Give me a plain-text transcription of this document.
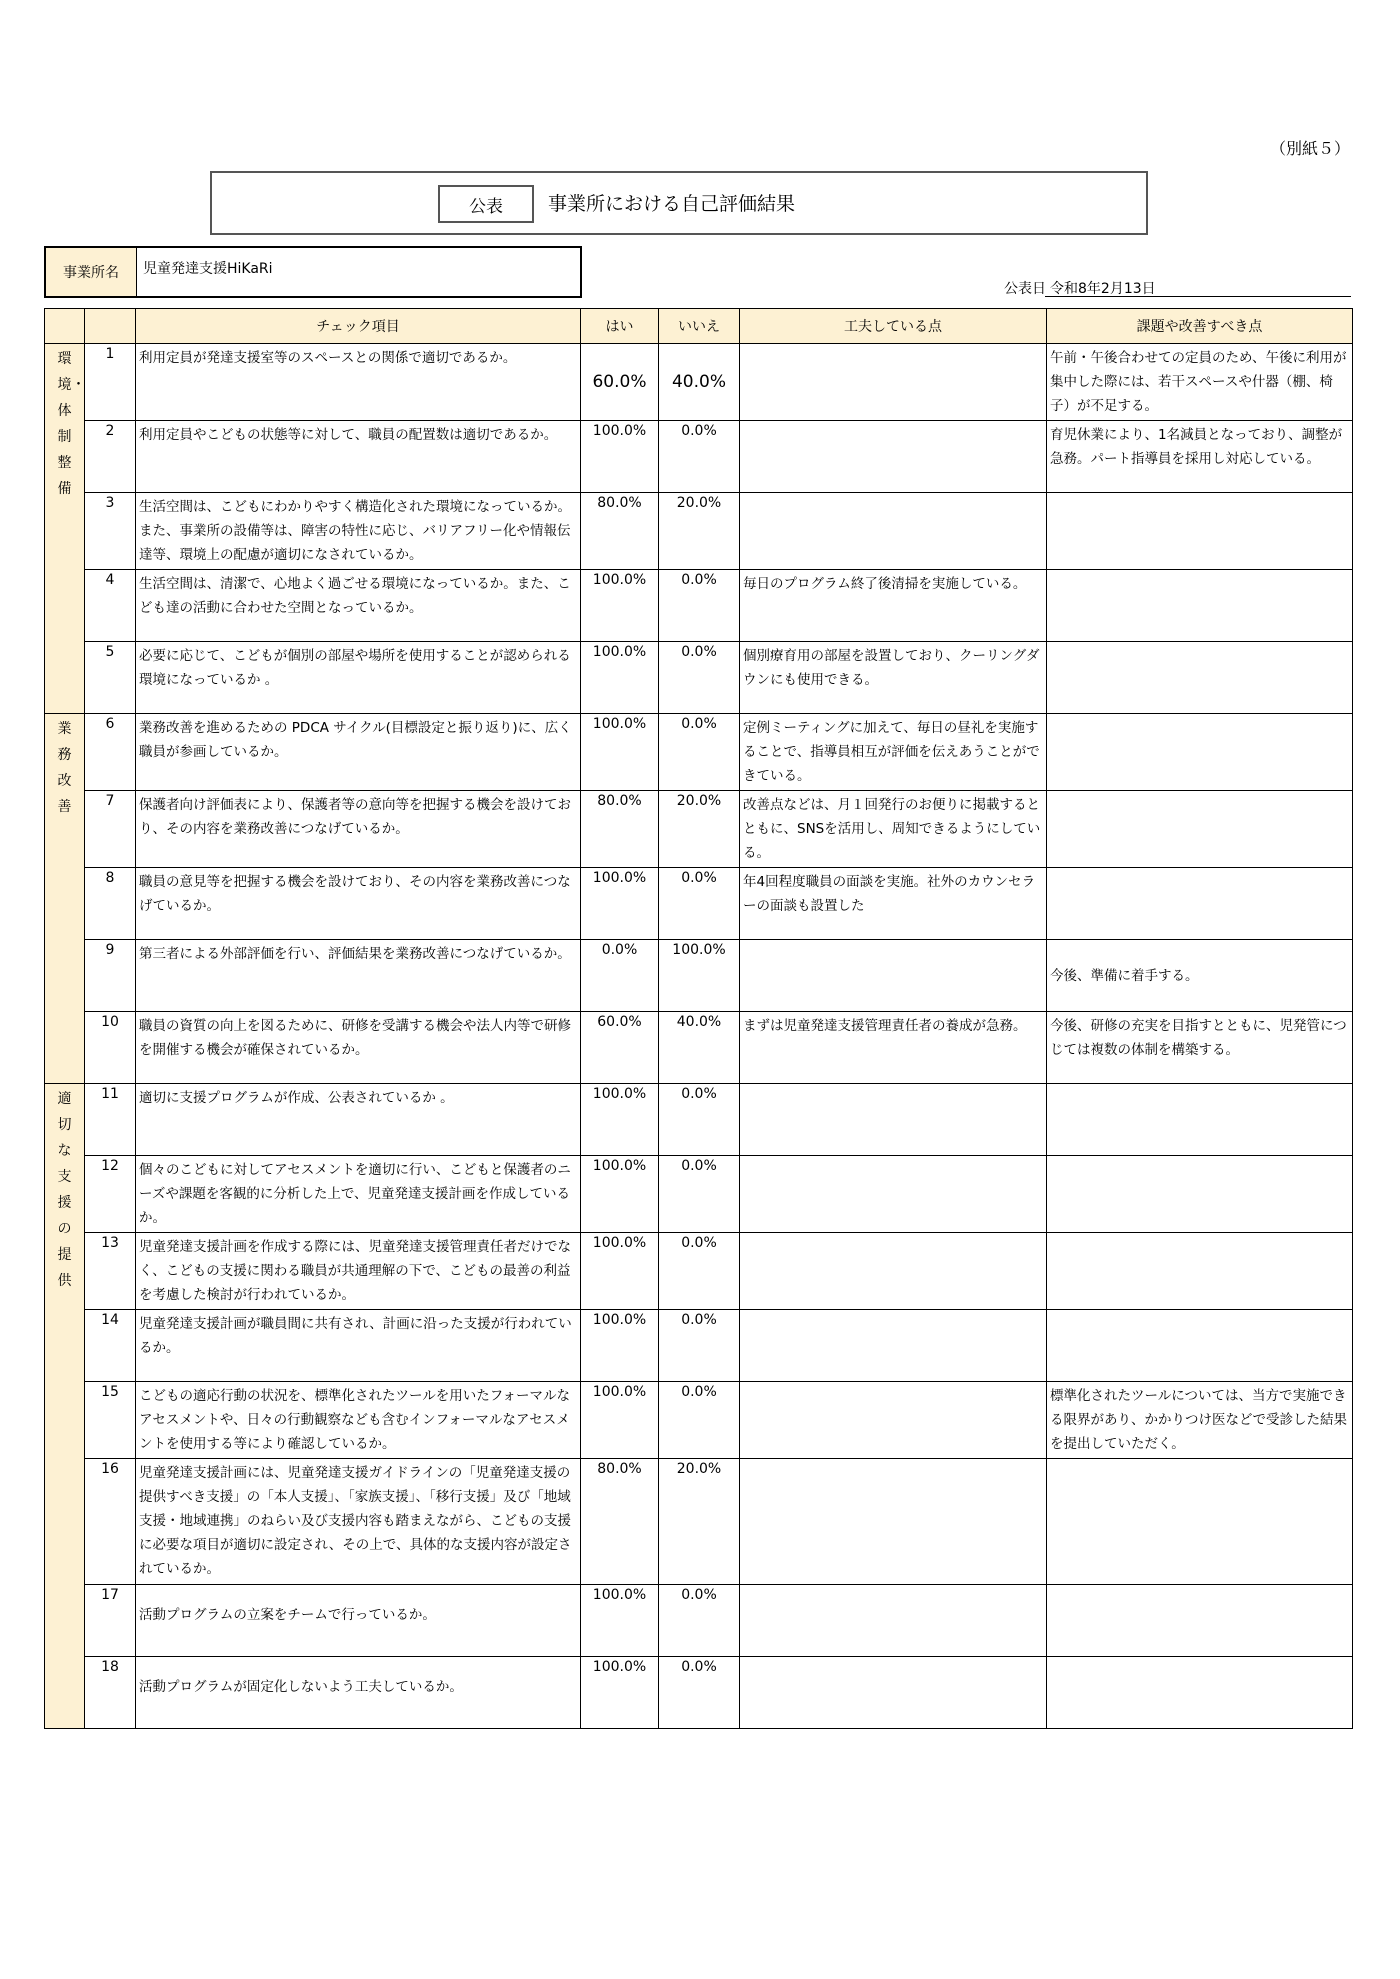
（別紙５）
公表	事業所における自己評価結果
事業所名	児童発達支援HiKaRi
公表日 令和8年2月13日
		チェック項目	はい	いいえ	工夫している点	課題や改善すべき点

環境・体制整備	1	利用定員が発達支援室等のスペースとの関係で適切であるか。	60.0%	40.0%		午前・午後合わせての定員のため、午後に利用が集中した際には、若干スペースや什器（棚、椅子）が不足する。
	2	利用定員やこどもの状態等に対して、職員の配置数は適切であるか。	100.0%	0.0%		育児休業により、1名減員となっており、調整が急務。パート指導員を採用し対応している。
	3	生活空間は、こどもにわかりやすく構造化された環境になっているか。また、事業所の設備等は、障害の特性に応じ、バリアフリー化や情報伝達等、環境上の配慮が適切になされているか。	80.0%	20.0%		
	4	生活空間は、清潔で、心地よく過ごせる環境になっているか。また、こども達の活動に合わせた空間となっているか。	100.0%	0.0%	毎日のプログラム終了後清掃を実施している。	
	5	必要に応じて、こどもが個別の部屋や場所を使用することが認められる環境になっているか 。	100.0%	0.0%	個別療育用の部屋を設置しており、クーリングダウンにも使用できる。	

業務改善	6	業務改善を進めるための PDCA サイクル(目標設定と振り返り)に、広く職員が参画しているか。	100.0%	0.0%	定例ミーティングに加えて、毎日の昼礼を実施することで、指導員相互が評価を伝えあうことができている。	
	7	保護者向け評価表により、保護者等の意向等を把握する機会を設けており、その内容を業務改善につなげているか。	80.0%	20.0%	改善点などは、月１回発行のお便りに掲載するとともに、SNSを活用し、周知できるようにしている。	
	8	職員の意見等を把握する機会を設けており、その内容を業務改善につなげているか。	100.0%	0.0%	年4回程度職員の面談を実施。社外のカウンセラーの面談も設置した	
	9	第三者による外部評価を行い、評価結果を業務改善につなげているか。	0.0%	100.0%		今後、準備に着手する。
	10	職員の資質の向上を図るために、研修を受講する機会や法人内等で研修を開催する機会が確保されているか。	60.0%	40.0%	まずは児童発達支援管理責任者の養成が急務。	今後、研修の充実を目指すとともに、児発管につじては複数の体制を構築する。

適切な支援の提供	11	適切に支援プログラムが作成、公表されているか 。	100.0%	0.0%		
	12	個々のこどもに対してアセスメントを適切に行い、こどもと保護者のニーズや課題を客観的に分析した上で、児童発達支援計画を作成しているか。	100.0%	0.0%		
	13	児童発達支援計画を作成する際には、児童発達支援管理責任者だけでなく、こどもの支援に関わる職員が共通理解の下で、こどもの最善の利益を考慮した検討が行われているか。	100.0%	0.0%		
	14	児童発達支援計画が職員間に共有され、計画に沿った支援が行われているか。	100.0%	0.0%		
	15	こどもの適応行動の状況を、標準化されたツールを用いたフォーマルなアセスメントや、日々の行動観察なども含むインフォーマルなアセスメントを使用する等により確認しているか。	100.0%	0.0%		標準化されたツールについては、当方で実施できる限界があり、かかりつけ医などで受診した結果を提出していただく。
	16	児童発達支援計画には、児童発達支援ガイドラインの「児童発達支援の提供すべき支援」の「本人支援」、「家族支援」、「移行支援」及び「地域支援・地域連携」のねらい及び支援内容も踏まえながら、こどもの支援に必要な項目が適切に設定され、その上で、具体的な支援内容が設定されているか。	80.0%	20.0%		
	17	活動プログラムの立案をチームで行っているか。	100.0%	0.0%		
	18	活動プログラムが固定化しないよう工夫しているか。	100.0%	0.0%		
